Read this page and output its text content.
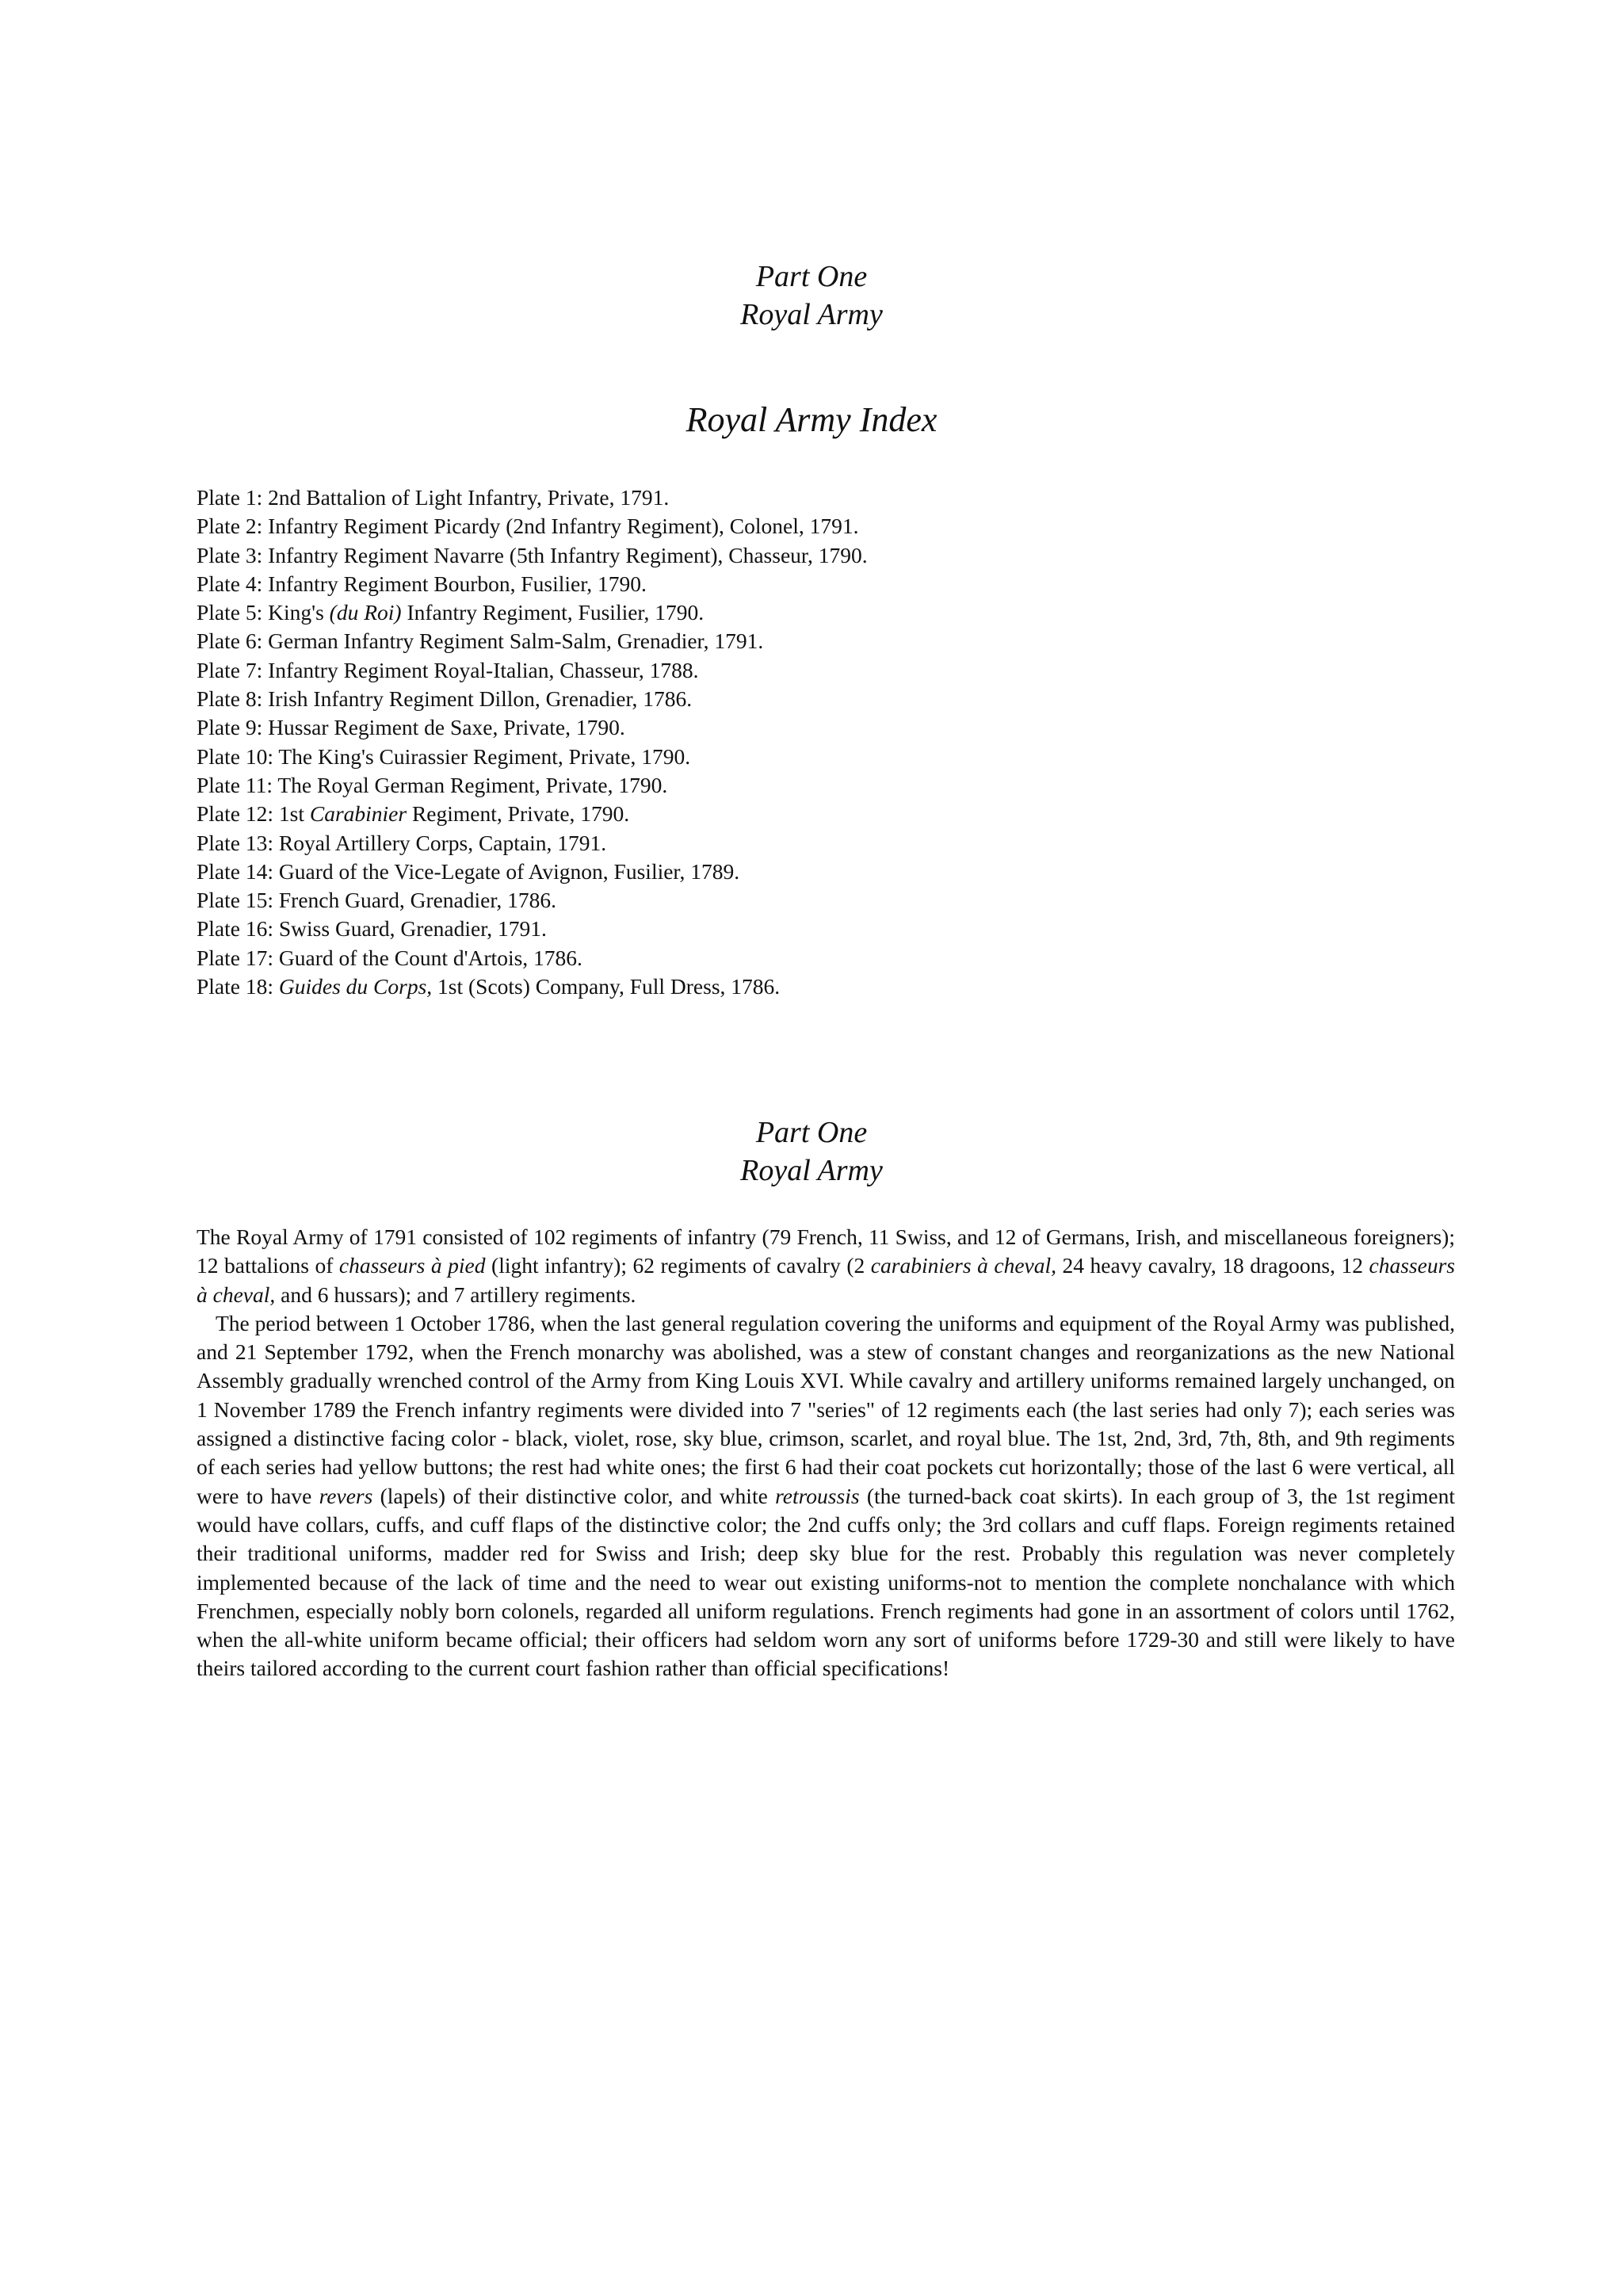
Part One
Royal Army
Royal Army Index
Plate 1: 2nd Battalion of Light Infantry, Private, 1791.
Plate 2: Infantry Regiment Picardy (2nd Infantry Regiment), Colonel, 1791.
Plate 3: Infantry Regiment Navarre (5th Infantry Regiment), Chasseur, 1790.
Plate 4: Infantry Regiment Bourbon, Fusilier, 1790.
Plate 5: King's (du Roi) Infantry Regiment, Fusilier, 1790.
Plate 6: German Infantry Regiment Salm-Salm, Grenadier, 1791.
Plate 7: Infantry Regiment Royal-Italian, Chasseur, 1788.
Plate 8: Irish Infantry Regiment Dillon, Grenadier, 1786.
Plate 9: Hussar Regiment de Saxe, Private, 1790.
Plate 10: The King's Cuirassier Regiment, Private, 1790.
Plate 11: The Royal German Regiment, Private, 1790.
Plate 12: 1st Carabinier Regiment, Private, 1790.
Plate 13: Royal Artillery Corps, Captain, 1791.
Plate 14: Guard of the Vice-Legate of Avignon, Fusilier, 1789.
Plate 15: French Guard, Grenadier, 1786.
Plate 16: Swiss Guard, Grenadier, 1791.
Plate 17: Guard of the Count d'Artois, 1786.
Plate 18: Guides du Corps, 1st (Scots) Company, Full Dress, 1786.
Part One
Royal Army

The Royal Army of 1791 consisted of 102 regiments of infantry (79 French, 11 Swiss, and 12 of Germans, Irish, and miscellaneous foreigners); 12 battalions of chasseurs à pied (light infantry); 62 regiments of cavalry (2 carabiniers à cheval, 24 heavy cavalry, 18 dragoons, 12 chasseurs à cheval, and 6 hussars); and 7 artillery regiments.

The period between 1 October 1786, when the last general regulation covering the uniforms and equipment of the Royal Army was published, and 21 September 1792, when the French monarchy was abolished, was a stew of constant changes and reorganizations as the new National Assembly gradually wrenched control of the Army from King Louis XVI. While cavalry and artillery uniforms remained largely unchanged, on 1 November 1789 the French infantry regiments were divided into 7 "series" of 12 regiments each (the last series had only 7); each series was assigned a distinctive facing color - black, violet, rose, sky blue, crimson, scarlet, and royal blue. The 1st, 2nd, 3rd, 7th, 8th, and 9th regiments of each series had yellow buttons; the rest had white ones; the first 6 had their coat pockets cut horizontally; those of the last 6 were vertical, all were to have revers (lapels) of their distinctive color, and white retroussis (the turned-back coat skirts). In each group of 3, the 1st regiment would have collars, cuffs, and cuff flaps of the distinctive color; the 2nd cuffs only; the 3rd collars and cuff flaps. Foreign regiments retained their traditional uniforms, madder red for Swiss and Irish; deep sky blue for the rest. Probably this regulation was never completely implemented because of the lack of time and the need to wear out existing uniforms-not to mention the complete nonchalance with which Frenchmen, especially nobly born colonels, regarded all uniform regulations. French regiments had gone in an assortment of colors until 1762, when the all-white uniform became official; their officers had seldom worn any sort of uniforms before 1729-30 and still were likely to have theirs tailored according to the current court fashion rather than official specifications!
